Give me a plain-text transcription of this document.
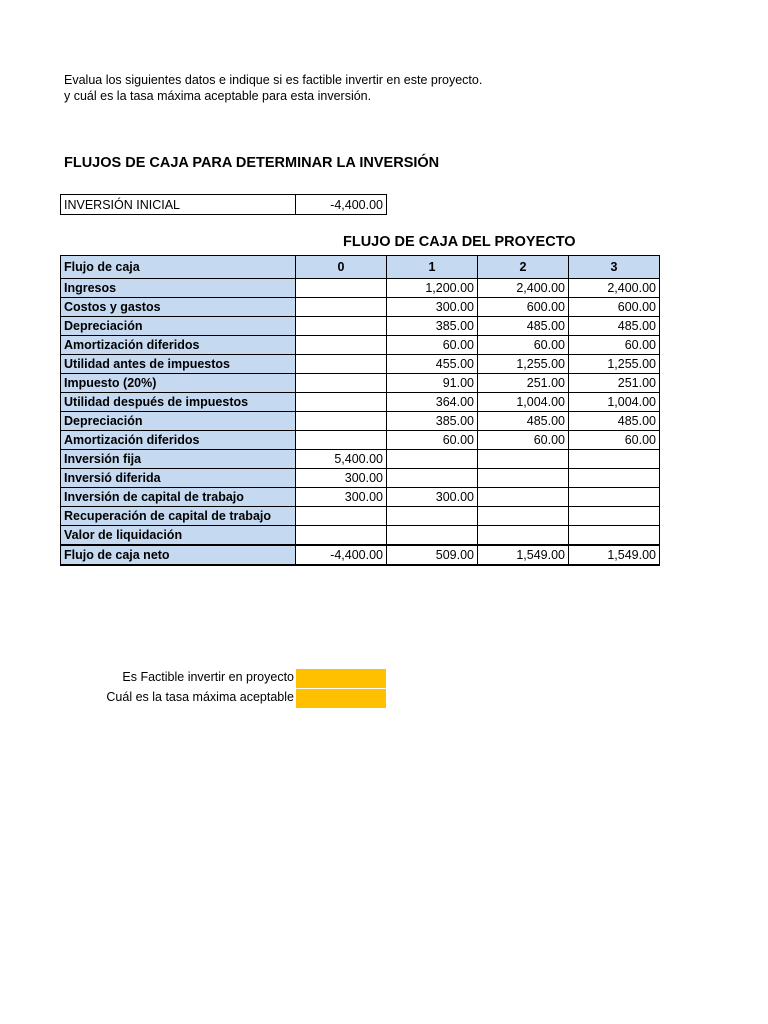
Evalua los siguientes datos e indique si es factible invertir en este proyecto.
y cuál es la tasa máxima aceptable para esta inversión.
FLUJOS DE CAJA PARA DETERMINAR LA INVERSIÓN
INVERSIÓN INICIAL	-4,400.00
FLUJO DE CAJA DEL PROYECTO
Flujo de caja	0	1	2	3
Ingresos		1,200.00	2,400.00	2,400.00
Costos y gastos		300.00	600.00	600.00
Depreciación		385.00	485.00	485.00
Amortización diferidos		60.00	60.00	60.00
Utilidad antes de impuestos		455.00	1,255.00	1,255.00
Impuesto (20%)		91.00	251.00	251.00
Utilidad después de impuestos		364.00	1,004.00	1,004.00
Depreciación		385.00	485.00	485.00
Amortización diferidos		60.00	60.00	60.00
Inversión fija	5,400.00			
Inversió diferida	300.00			
Inversión de capital de trabajo	300.00	300.00		
Recuperación de capital de trabajo				
Valor de liquidación				
Flujo de caja neto	-4,400.00	509.00	1,549.00	1,549.00
Es Factible invertir en proyecto
Cuál es la tasa máxima aceptable
